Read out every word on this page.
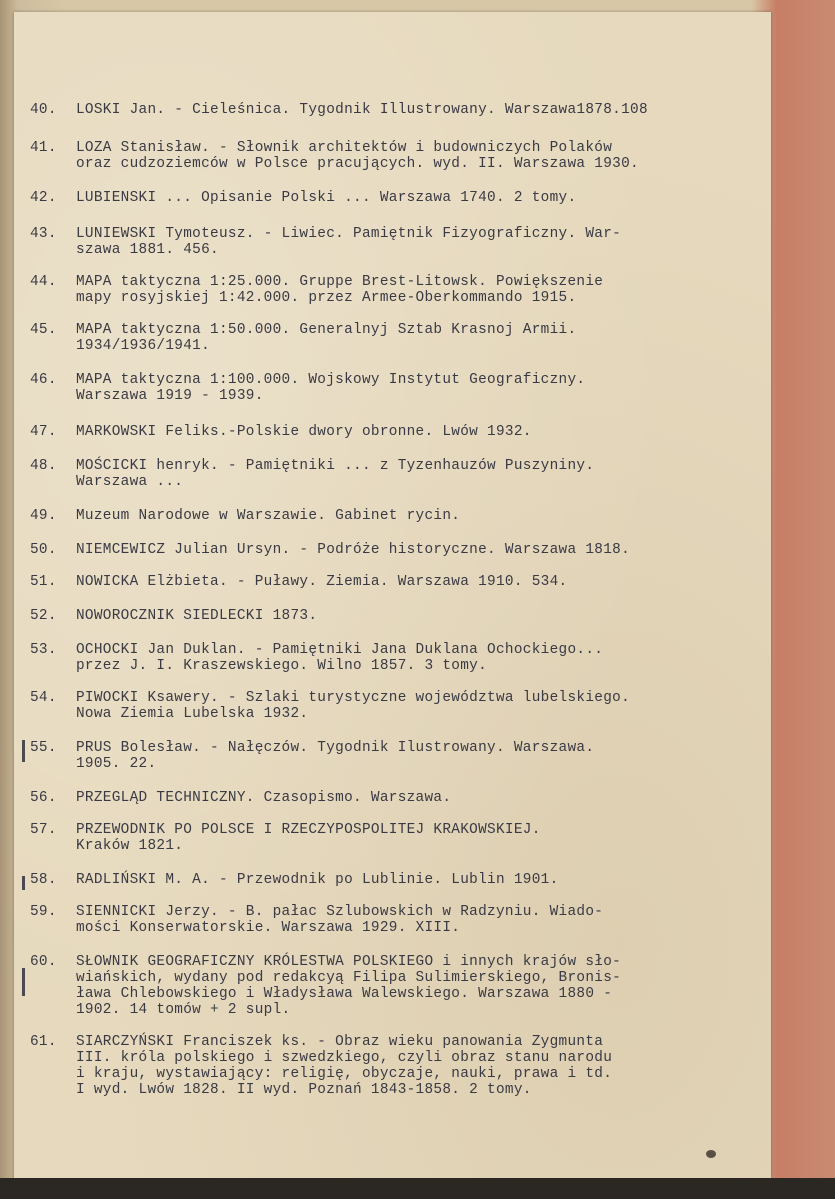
40.	LOSKI Jan. - Cieleśnica. Tygodnik Illustrowany. Warszawa1878.108
41.	LOZA Stanisław. - Słownik architektów i budowniczych Polaków
oraz cudzoziemców w Polsce pracujących. wyd. II. Warszawa 1930.
42.	LUBIENSKI ... Opisanie Polski ... Warszawa 1740. 2 tomy.
43.	LUNIEWSKI Tymoteusz. - Liwiec. Pamiętnik Fizyograficzny. War-
szawa 1881. 456.
44.	MAPA taktyczna 1:25.000. Gruppe Brest-Litowsk. Powiększenie
mapy rosyjskiej 1:42.000. przez Armee-Oberkommando 1915.
45.	MAPA taktyczna 1:50.000. Generalnyj Sztab Krasnoj Armii.
1934/1936/1941.
46.	MAPA taktyczna 1:100.000. Wojskowy Instytut Geograficzny.
Warszawa 1919 - 1939.
47.	MARKOWSKI Feliks.-Polskie dwory obronne. Lwów 1932.
48.	MOŚCICKI henryk. - Pamiętniki ... z Tyzenhauzów Puszyniny.
Warszawa ...
49.	Muzeum Narodowe w Warszawie. Gabinet rycin.
50.	NIEMCEWICZ Julian Ursyn. - Podróże historyczne. Warszawa 1818.
51.	NOWICKA Elżbieta. - Puławy. Ziemia. Warszawa 1910. 534.
52.	NOWOROCZNIK SIEDLECKI 1873.
53.	OCHOCKI Jan Duklan. - Pamiętniki Jana Duklana Ochockiego...
przez J. I. Kraszewskiego. Wilno 1857. 3 tomy.
54.	PIWOCKI Ksawery. - Szlaki turystyczne województwa lubelskiego.
Nowa Ziemia Lubelska 1932.
55.	PRUS Bolesław. - Nałęczów. Tygodnik Ilustrowany. Warszawa.
1905. 22.
56.	PRZEGLĄD TECHNICZNY. Czasopismo. Warszawa.
57.	PRZEWODNIK PO POLSCE I RZECZYPOSPOLITEJ KRAKOWSKIEJ.
Kraków 1821.
58.	RADLIŃSKI M. A. - Przewodnik po Lublinie. Lublin 1901.
59.	SIENNICKI Jerzy. - B. pałac Szlubowskich w Radzyniu. Wiado-
mości Konserwatorskie. Warszawa 1929. XIII.
60.	SŁOWNIK GEOGRAFICZNY KRÓLESTWA POLSKIEGO i innych krajów sło-
wiańskich, wydany pod redakcyą Filipa Sulimierskiego, Bronis-
ława Chlebowskiego i Władysława Walewskiego. Warszawa 1880 -
1902. 14 tomów + 2 supl.
61.	SIARCZYŃSKI Franciszek ks. - Obraz wieku panowania Zygmunta
III. króla polskiego i szwedzkiego, czyli obraz stanu narodu
i kraju, wystawiający: religię, obyczaje, nauki, prawa i td.
I wyd. Lwów 1828. II wyd. Poznań 1843-1858. 2 tomy.
